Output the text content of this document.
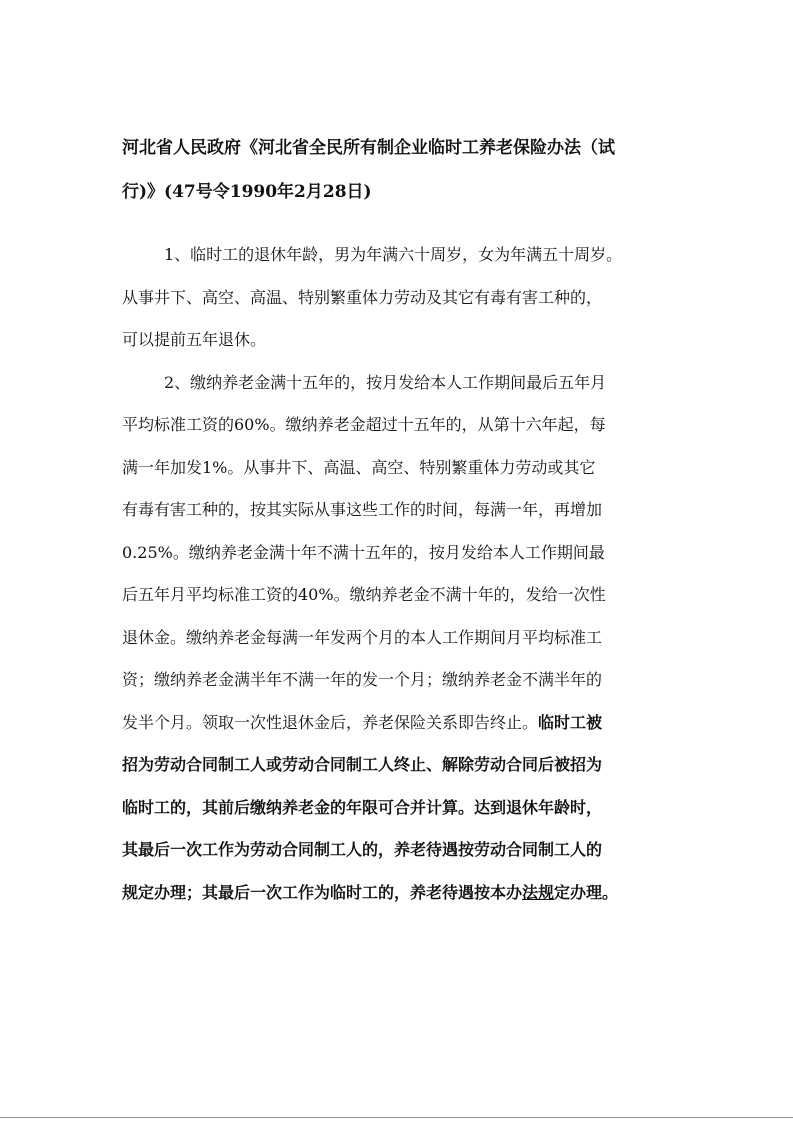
河北省人民政府《河北省全民所有制企业临时工养老保险办法（试
行)》(47号令1990年2月28日)
1、临时工的退休年龄，男为年满六十周岁，女为年满五十周岁。
从事井下、高空、高温、特别繁重体力劳动及其它有毒有害工种的，
可以提前五年退休。
2、缴纳养老金满十五年的，按月发给本人工作期间最后五年月
平均标准工资的60%。缴纳养老金超过十五年的，从第十六年起，每
满一年加发1%。从事井下、高温、高空、特别繁重体力劳动或其它
有毒有害工种的，按其实际从事这些工作的时间，每满一年，再增加
0.25%。缴纳养老金满十年不满十五年的，按月发给本人工作期间最
后五年月平均标准工资的40%。缴纳养老金不满十年的，发给一次性
退休金。缴纳养老金每满一年发两个月的本人工作期间月平均标准工
资；缴纳养老金满半年不满一年的发一个月；缴纳养老金不满半年的
发半个月。领取一次性退休金后，养老保险关系即告终止。临时工被
招为劳动合同制工人或劳动合同制工人终止、解除劳动合同后被招为
临时工的，其前后缴纳养老金的年限可合并计算。达到退休年龄时，
其最后一次工作为劳动合同制工人的，养老待遇按劳动合同制工人的
规定办理；其最后一次工作为临时工的，养老待遇按本办法规定办理。
